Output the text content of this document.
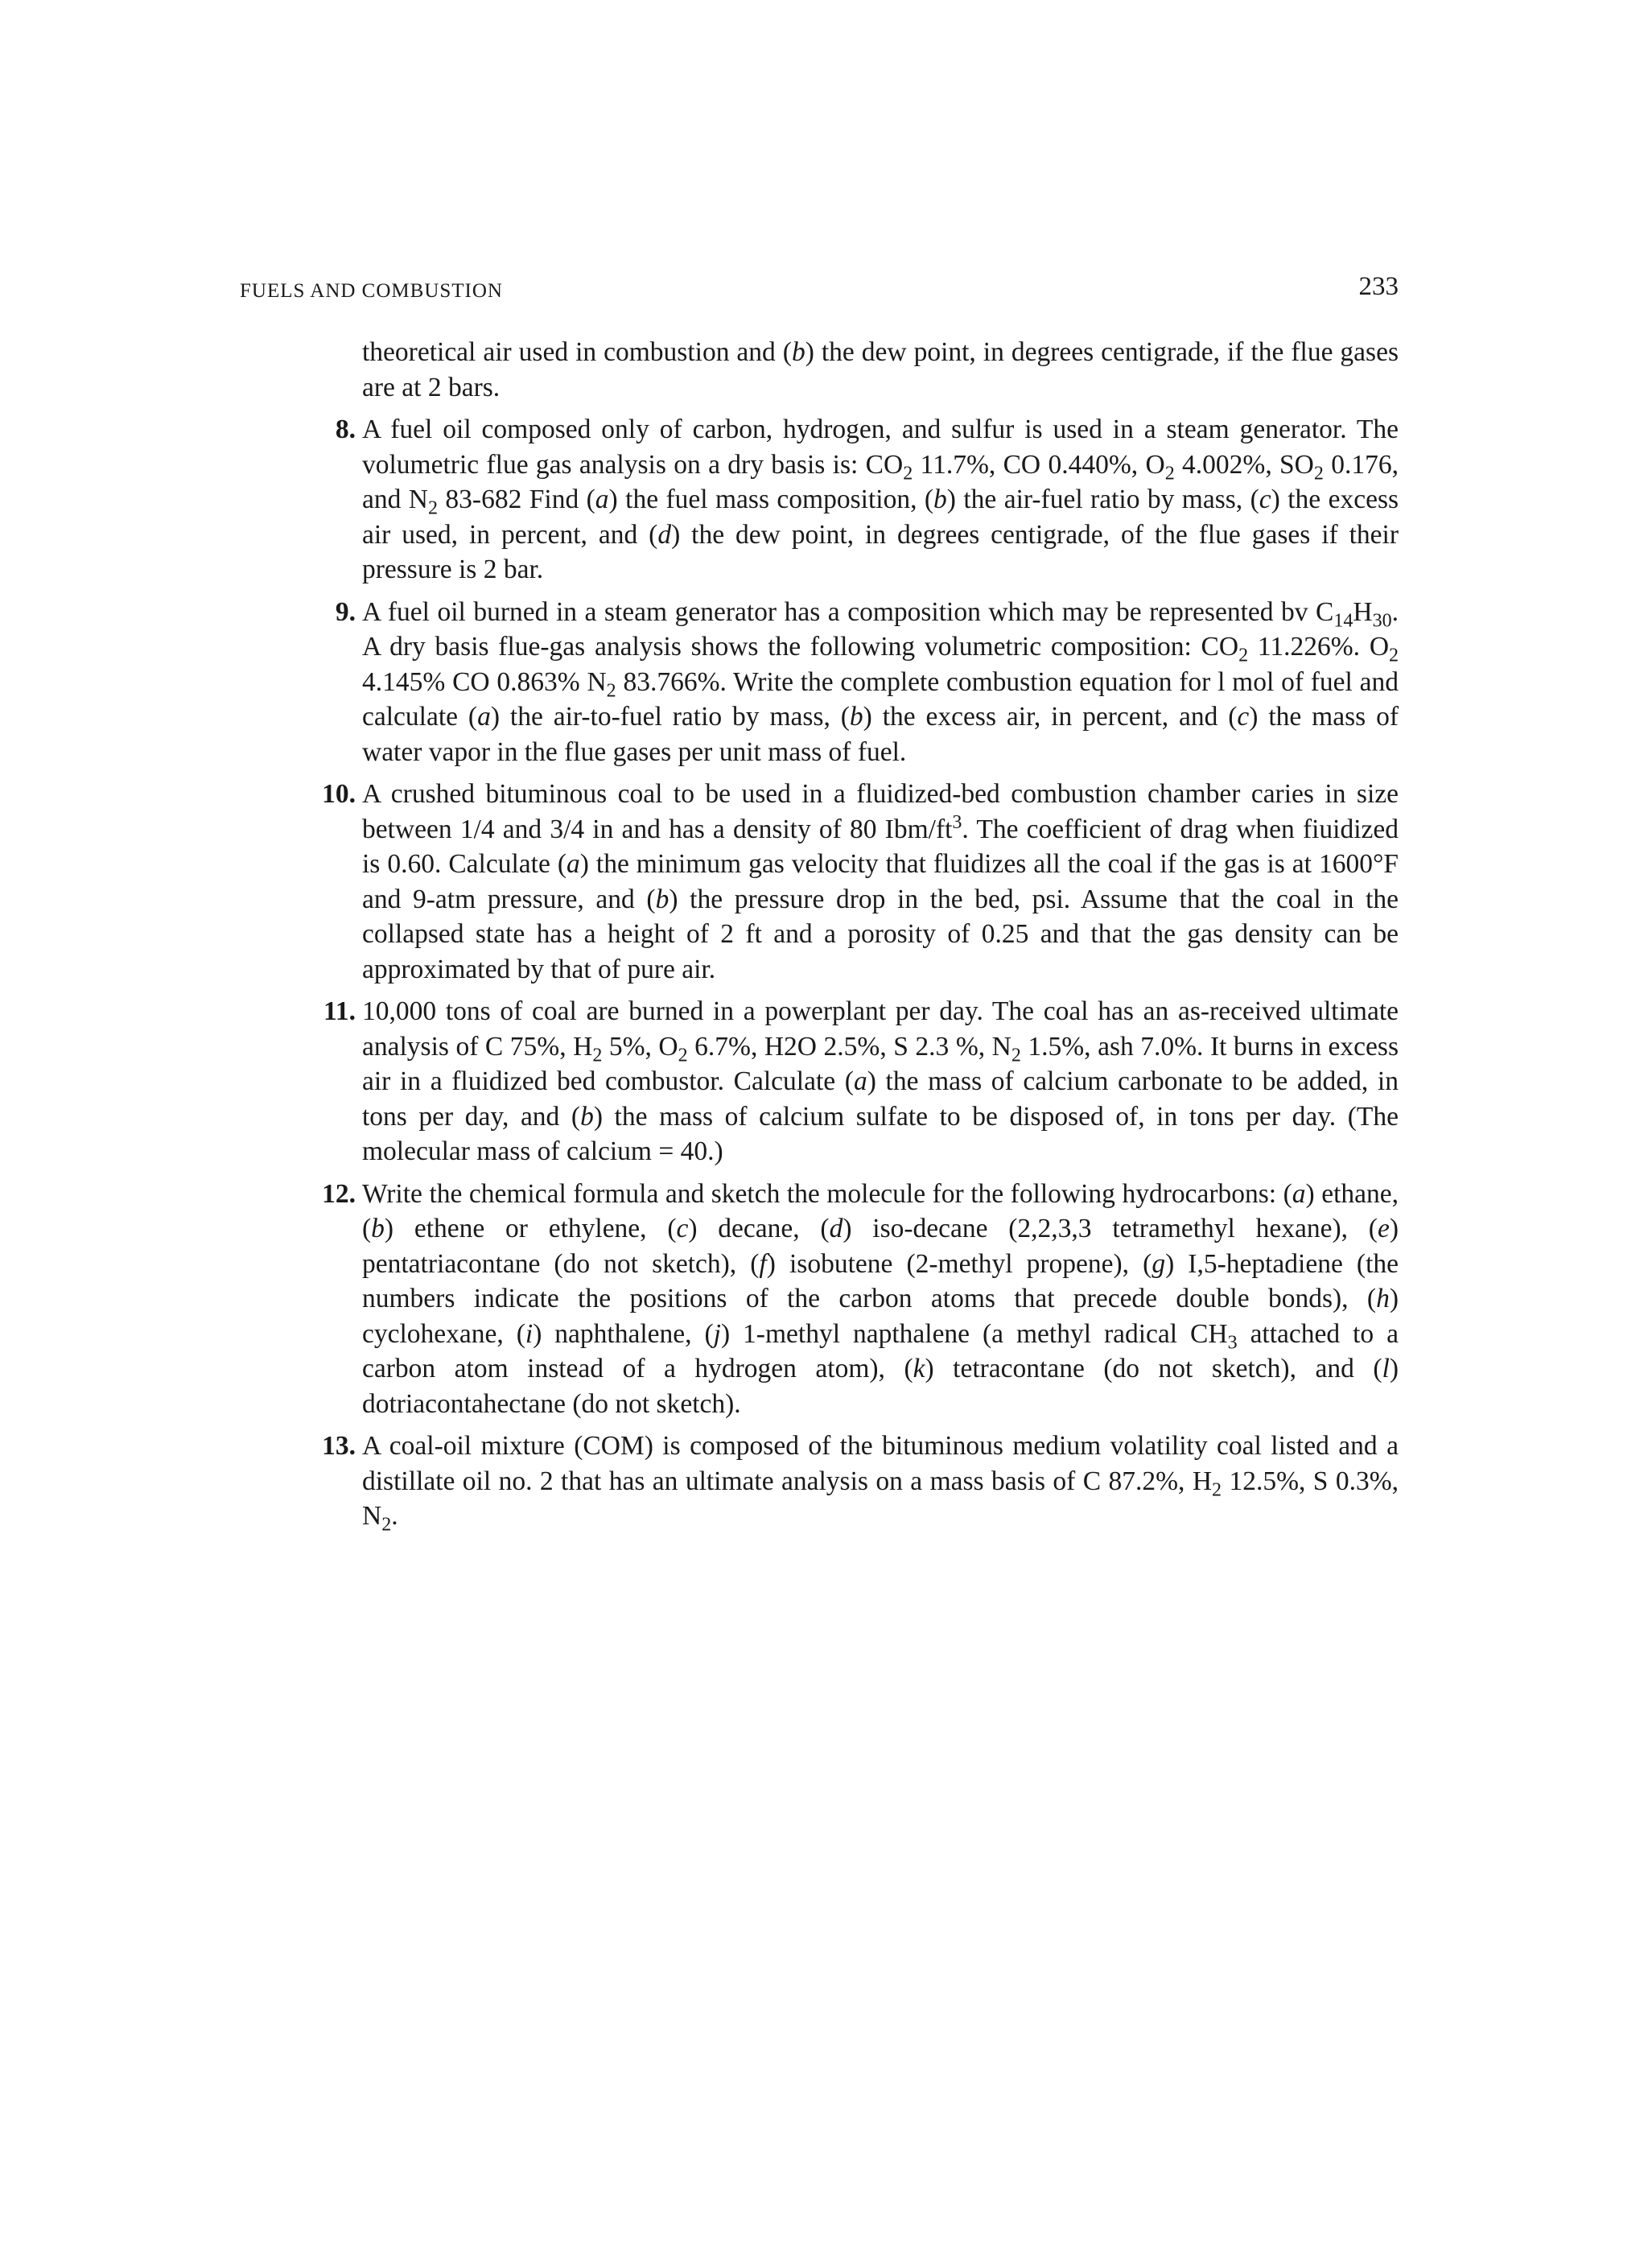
FUELS AND COMBUSTION	233

theoretical air used in combustion and (b) the dew point, in degrees centigrade, if the flue gases are at 2 bars.

8. A fuel oil composed only of carbon, hydrogen, and sulfur is used in a steam generator. The volumetric flue gas analysis on a dry basis is: $CO_2$ 11.7%, CO 0.440%, $O_2$ 4.002%, $SO_2$ 0.176, and $N_2$ 83-682 Find (a) the fuel mass composition, (b) the air-fuel ratio by mass, (c) the excess air used, in percent, and (d) the dew point, in degrees centigrade, of the flue gases if their pressure is 2 bar.
9. A fuel oil burned in a steam generator has a composition which may be represented bv $C_{14}H_{30}$. A dry basis flue-gas analysis shows the following volumetric composition: $CO_2$ 11.226%. $O_2$ 4.145% CO 0.863% $N_2$ 83.766%. Write the complete combustion equation for l mol of fuel and calculate (a) the air-to-fuel ratio by mass, (b) the excess air, in percent, and (c) the mass of water vapor in the flue gases per unit mass of fuel.
10. A crushed bituminous coal to be used in a fluidized-bed combustion chamber caries in size between 1/4 and 3/4 in and has a density of 80 Ibm/$ft^3$. The coefficient of drag when fiuidized is 0.60. Calculate (a) the minimum gas velocity that fluidizes all the coal if the gas is at 1600°F and 9-atm pressure, and (b) the pressure drop in the bed, psi. Assume that the coal in the collapsed state has a height of 2 ft and a porosity of 0.25 and that the gas density can be approximated by that of pure air.
11. 10,000 tons of coal are burned in a powerplant per day. The coal has an as-received ultimate analysis of C 75%, $H_2$ 5%, $O_2$ 6.7%, H2O 2.5%, S 2.3 %, $N_2$ 1.5%, ash 7.0%. It burns in excess air in a fluidized bed combustor. Calculate (a) the mass of calcium carbonate to be added, in tons per day, and (b) the mass of calcium sulfate to be disposed of, in tons per day. (The molecular mass of calcium = 40.)
12. Write the chemical formula and sketch the molecule for the following hydrocarbons: (a) ethane, (b) ethene or ethylene, (c) decane, (d) iso-decane (2,2,3,3 tetramethyl hexane), (e) pentatriacontane (do not sketch), (f) isobutene (2-methyl propene), (g) I,5-heptadiene (the numbers indicate the positions of the carbon atoms that precede double bonds), (h) cyclohexane, (i) naphthalene, (j) 1-methyl napthalene (a methyl radical $CH_3$ attached to a carbon atom instead of a hydrogen atom), (k) tetracontane (do not sketch), and (l) dotriacontahectane (do not sketch).
13. A coal-oil mixture (COM) is composed of the bituminous medium volatility coal listed and a distillate oil no. 2 that has an ultimate analysis on a mass basis of C 87.2%, $H_2$ 12.5%, S 0.3%, $N_2$.
